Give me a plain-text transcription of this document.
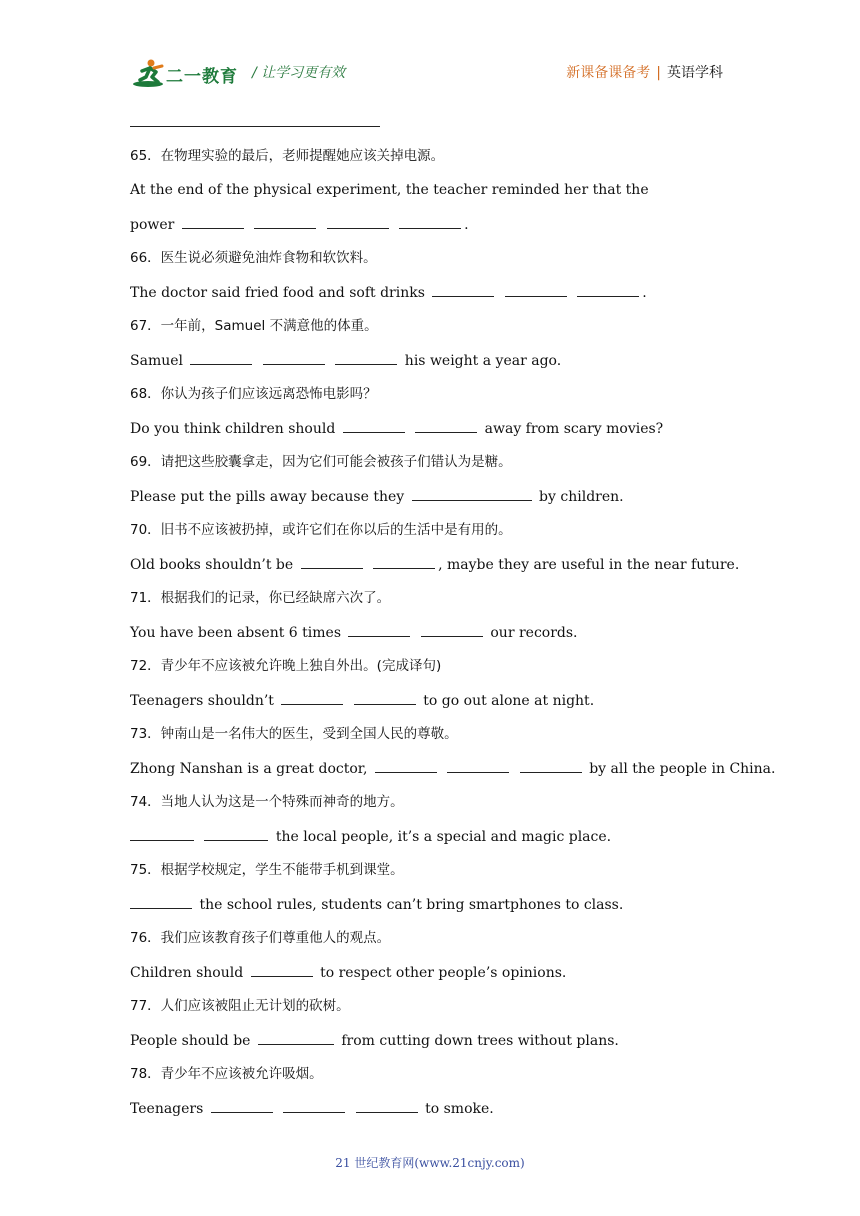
二一教育 / 让学习更有效	新课备课备考 | 英语学科
65．在物理实验的最后，老师提醒她应该关掉电源。
At the end of the physical experiment, the teacher reminded her that the
power	.
66．医生说必须避免油炸食物和软饮料。
The doctor said fried food and soft drinks	.
67．一年前，Samuel 不满意他的体重。
Samuel	his weight a year ago.
68．你认为孩子们应该远离恐怖电影吗？
Do you think children should	away from scary movies?
69．请把这些胶囊拿走，因为它们可能会被孩子们错认为是糖。
Please put the pills away because they	by children.
70．旧书不应该被扔掉，或许它们在你以后的生活中是有用的。
Old books shouldn’t be	, maybe they are useful in the near future.
71．根据我们的记录，你已经缺席六次了。
You have been absent 6 times	our records.
72．青少年不应该被允许晚上独自外出。(完成译句)
Teenagers shouldn’t	to go out alone at night.
73．钟南山是一名伟大的医生，受到全国人民的尊敬。
Zhong Nanshan is a great doctor,	by all the people in China.
74．当地人认为这是一个特殊而神奇的地方。
the local people, it’s a special and magic place.
75．根据学校规定，学生不能带手机到课堂。
the school rules, students can’t bring smartphones to class.
76．我们应该教育孩子们尊重他人的观点。
Children should	to respect other people’s opinions.
77．人们应该被阻止无计划的砍树。
People should be	from cutting down trees without plans.
78．青少年不应该被允许吸烟。
Teenagers	to smoke.
21 世纪教育网(www.21cnjy.com)
